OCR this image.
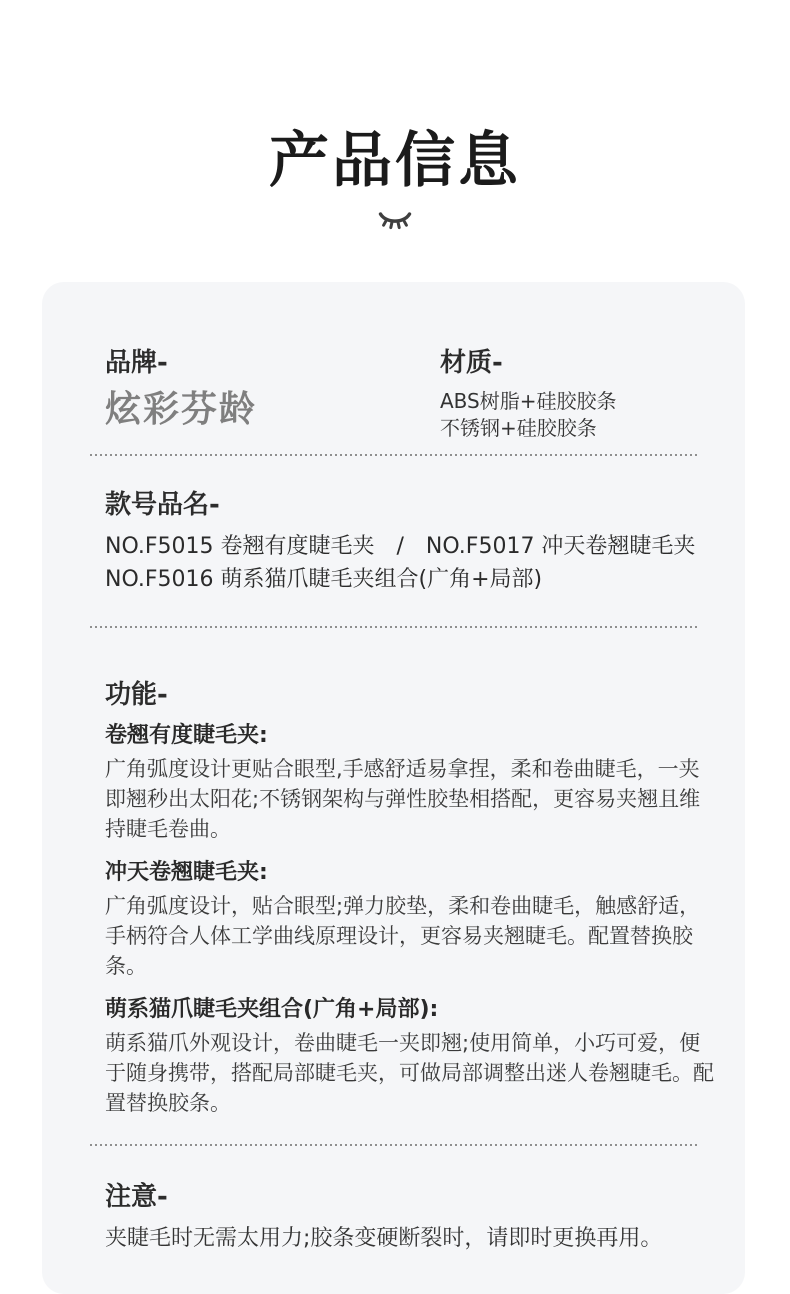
产品信息
品牌-
炫彩芬龄
材质-
ABS树脂+硅胶胶条
不锈钢+硅胶胶条
款号品名-
NO.F5015 卷翘有度睫毛夹　/　NO.F5017 冲天卷翘睫毛夹
NO.F5016 萌系猫爪睫毛夹组合(广角+局部)
功能-
卷翘有度睫毛夹:

广角弧度设计更贴合眼型,手感舒适易拿捏，柔和卷曲睫毛，一夹即翘秒出太阳花;不锈钢架构与弹性胶垫相搭配，更容易夹翘且维持睫毛卷曲。

冲天卷翘睫毛夹:

广角弧度设计，贴合眼型;弹力胶垫，柔和卷曲睫毛，触感舒适，手柄符合人体工学曲线原理设计，更容易夹翘睫毛。配置替换胶条。

萌系猫爪睫毛夹组合(广角+局部):

萌系猫爪外观设计，卷曲睫毛一夹即翘;使用简单，小巧可爱，便于随身携带，搭配局部睫毛夹，可做局部调整出迷人卷翘睫毛。配置替换胶条。

注意-

夹睫毛时无需太用力;胶条变硬断裂时，请即时更换再用。
